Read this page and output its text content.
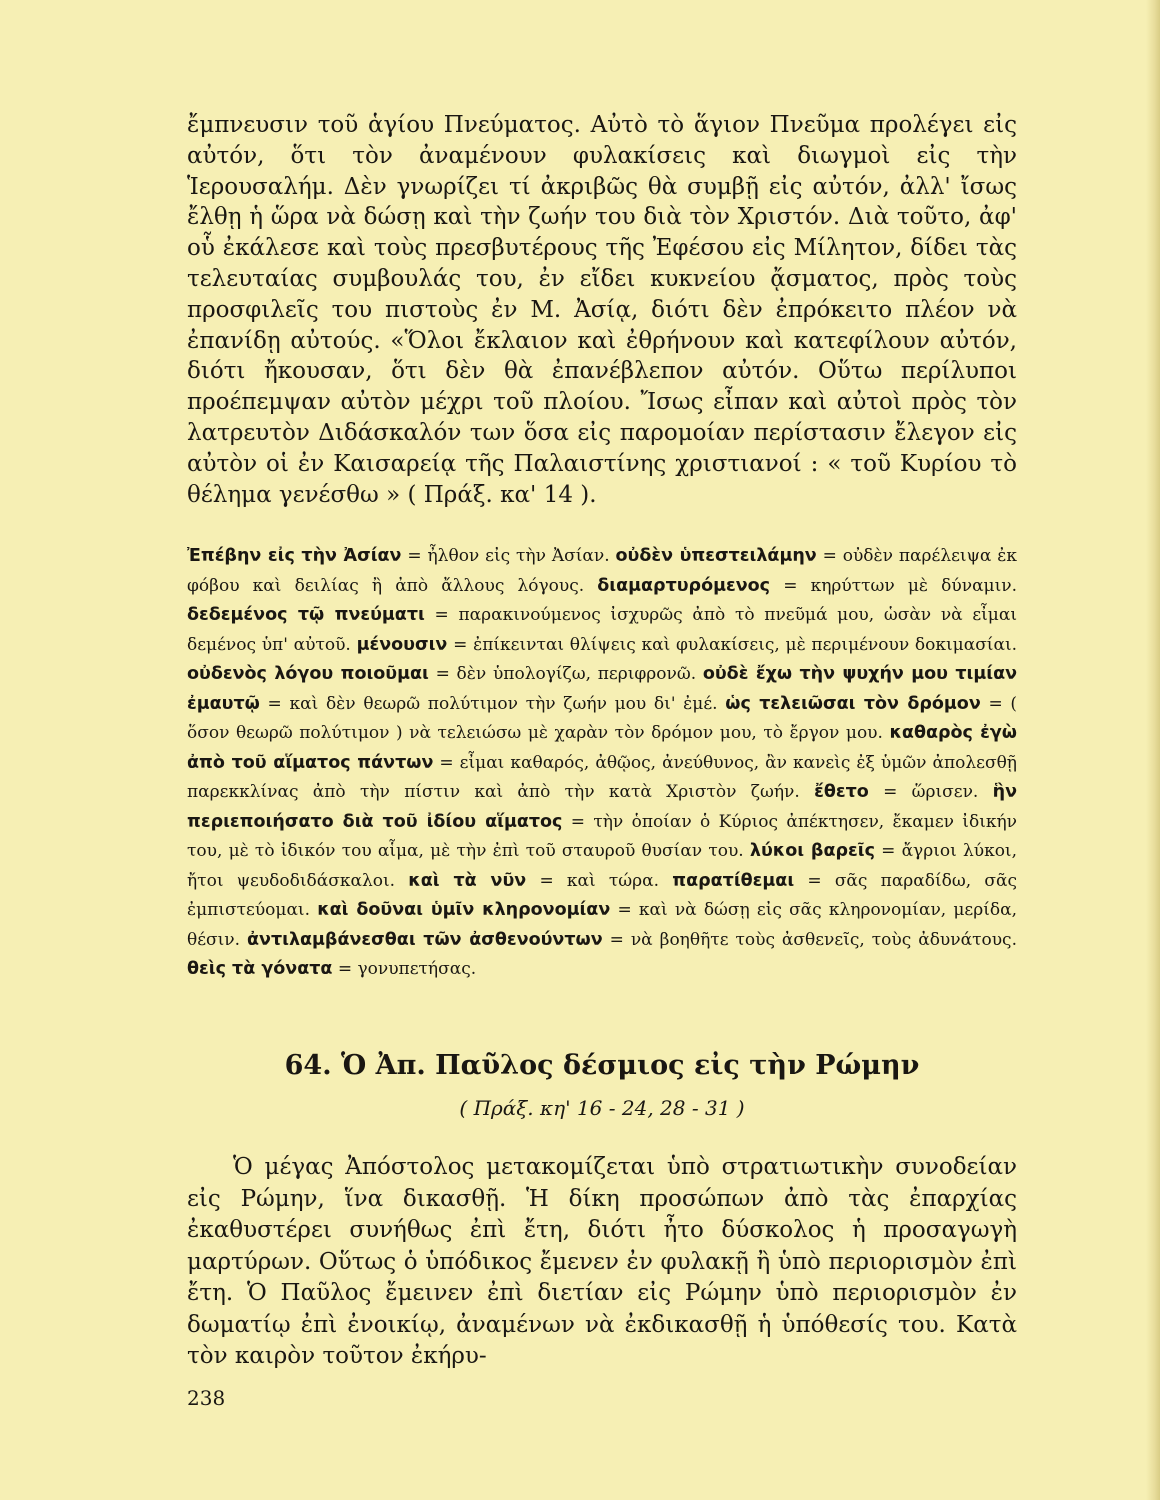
ἔμπνευσιν τοῦ ἁγίου Πνεύματος. Αὐτὸ τὸ ἅγιον Πνεῦμα προλέγει εἰς αὐτόν, ὅτι τὸν ἀναμένουν φυλακίσεις καὶ διωγμοὶ εἰς τὴν Ἱερουσαλήμ. Δὲν γνωρίζει τί ἀκριβῶς θὰ συμβῇ εἰς αὐτόν, ἀλλ' ἴσως ἔλθῃ ἡ ὥρα νὰ δώσῃ καὶ τὴν ζωήν του διὰ τὸν Χριστόν. Διὰ τοῦτο, ἀφ' οὗ ἐκάλεσε καὶ τοὺς πρεσβυτέρους τῆς Ἐφέσου εἰς Μίλητον, δίδει τὰς τελευταίας συμβουλάς του, ἐν εἴδει κυκνείου ᾄσματος, πρὸς τοὺς προσφιλεῖς του πιστοὺς ἐν Μ. Ἀσίᾳ, διότι δὲν ἐπρόκειτο πλέον νὰ ἐπανίδῃ αὐτούς. «Ὅλοι ἔκλαιον καὶ ἐθρήνουν καὶ κατεφίλουν αὐτόν, διότι ἤκουσαν, ὅτι δὲν θὰ ἐπανέβλεπον αὐτόν. Οὕτω περίλυποι προέπεμψαν αὐτὸν μέχρι τοῦ πλοίου. Ἴσως εἶπαν καὶ αὐτοὶ πρὸς τὸν λατρευτὸν Διδάσκαλόν των ὅσα εἰς παρομοίαν περίστασιν ἔλεγον εἰς αὐτὸν οἱ ἐν Καισαρείᾳ τῆς Παλαιστίνης χριστιανοί : « τοῦ Κυρίου τὸ θέλημα γενέσθω » ( Πράξ. κα' 14 ).

Ἐπέβην εἰς τὴν Ἀσίαν = ἦλθον εἰς τὴν Ἀσίαν. οὐδὲν ὑπεστειλάμην = οὐδὲν παρέλειψα ἐκ φόβου καὶ δειλίας ἢ ἀπὸ ἄλλους λόγους. διαμαρτυρόμενος = κηρύττων μὲ δύναμιν. δεδεμένος τῷ πνεύματι = παρακινούμενος ἰσχυρῶς ἀπὸ τὸ πνεῦμά μου, ὡσὰν νὰ εἶμαι δεμένος ὑπ' αὐτοῦ. μένουσιν = ἐπίκεινται θλίψεις καὶ φυλακίσεις, μὲ περιμένουν δοκιμασίαι. οὐδενὸς λόγου ποιοῦμαι = δὲν ὑπολογίζω, περιφρονῶ. οὐδὲ ἔχω τὴν ψυχήν μου τιμίαν ἐμαυτῷ = καὶ δὲν θεωρῶ πολύτιμον τὴν ζωήν μου δι' ἐμέ. ὡς τελειῶσαι τὸν δρόμον = ( ὅσον θεωρῶ πολύτιμον ) νὰ τελειώσω μὲ χαρὰν τὸν δρόμον μου, τὸ ἔργον μου. καθαρὸς ἐγὼ ἀπὸ τοῦ αἵματος πάντων = εἶμαι καθαρός, ἀθῷος, ἀνεύθυνος, ἂν κανεὶς ἐξ ὑμῶν ἀπολεσθῇ παρεκκλίνας ἀπὸ τὴν πίστιν καὶ ἀπὸ τὴν κατὰ Χριστὸν ζωήν. ἔθετο = ὥρισεν. ἣν περιεποιήσατο διὰ τοῦ ἰδίου αἵματος = τὴν ὁποίαν ὁ Κύριος ἀπέκτησεν, ἔκαμεν ἰδικήν του, μὲ τὸ ἰδικόν του αἷμα, μὲ τὴν ἐπὶ τοῦ σταυροῦ θυσίαν του. λύκοι βαρεῖς = ἄγριοι λύκοι, ἤτοι ψευδοδιδάσκαλοι. καὶ τὰ νῦν = καὶ τώρα. παρατίθεμαι = σᾶς παραδίδω, σᾶς ἐμπιστεύομαι. καὶ δοῦναι ὑμῖν κληρονομίαν = καὶ νὰ δώσῃ εἰς σᾶς κληρονομίαν, μερίδα, θέσιν. ἀντιλαμβάνεσθαι τῶν ἀσθενούντων = νὰ βοηθῆτε τοὺς ἀσθενεῖς, τοὺς ἀδυνάτους. θεὶς τὰ γόνατα = γονυπετήσας.

64. Ὁ Ἀπ. Παῦλος δέσμιος εἰς τὴν Ρώμην

( Πράξ. κη' 16 - 24, 28 - 31 )

Ὁ μέγας Ἀπόστολος μετακομίζεται ὑπὸ στρατιωτικὴν συνοδείαν εἰς Ρώμην, ἵνα δικασθῇ. Ἡ δίκη προσώπων ἀπὸ τὰς ἐπαρχίας ἐκαθυστέρει συνήθως ἐπὶ ἔτη, διότι ἦτο δύσκολος ἡ προσαγωγὴ μαρτύρων. Οὕτως ὁ ὑπόδικος ἔμενεν ἐν φυλακῇ ἢ ὑπὸ περιορισμὸν ἐπὶ ἔτη. Ὁ Παῦλος ἔμεινεν ἐπὶ διετίαν εἰς Ρώμην ὑπὸ περιορισμὸν ἐν δωματίῳ ἐπὶ ἐνοικίῳ, ἀναμένων νὰ ἐκδικασθῇ ἡ ὑπόθεσίς του. Κατὰ τὸν καιρὸν τοῦτον ἐκήρυ-

238
